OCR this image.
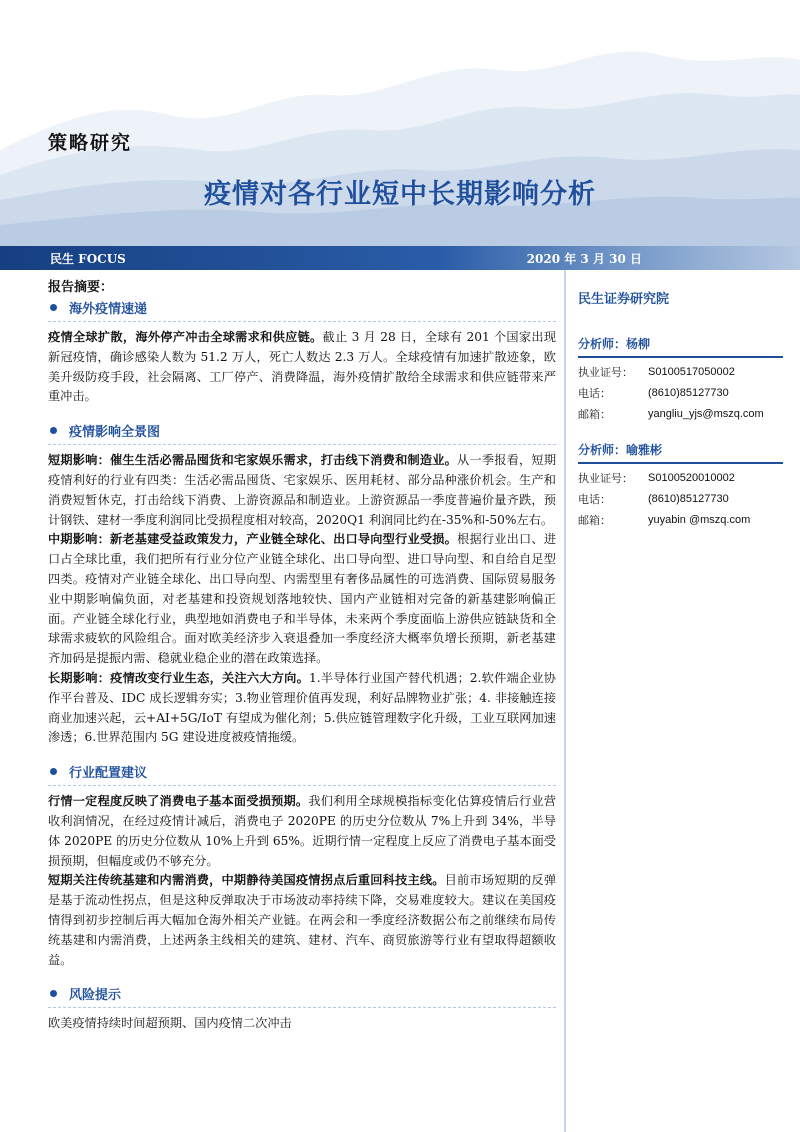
策略研究
疫情对各行业短中长期影响分析
民生 FOCUS	2020 年 3 月 30 日
报告摘要：
海外疫情速递

疫情全球扩散，海外停产冲击全球需求和供应链。截止 3 月 28 日，全球有 201 个国家出现新冠疫情，确诊感染人数为 51.2 万人，死亡人数达 2.3 万人。全球疫情有加速扩散迹象，欧美升级防疫手段，社会隔离、工厂停产、消费降温，海外疫情扩散给全球需求和供应链带来严重冲击。

疫情影响全景图

短期影响：催生生活必需品囤货和宅家娱乐需求，打击线下消费和制造业。从一季报看，短期疫情利好的行业有四类：生活必需品囤货、宅家娱乐、医用耗材、部分品种涨价机会。生产和消费短暂休克，打击给线下消费、上游资源品和制造业。上游资源品一季度普遍价量齐跌，预计钢铁、建材一季度利润同比受损程度相对较高，2020Q1 利润同比约在-35%和-50%左右。

中期影响：新老基建受益政策发力，产业链全球化、出口导向型行业受损。根据行业出口、进口占全球比重，我们把所有行业分位产业链全球化、出口导向型、进口导向型、和自给自足型四类。疫情对产业链全球化、出口导向型、内需型里有奢侈品属性的可选消费、国际贸易服务业中期影响偏负面，对老基建和投资规划落地较快、国内产业链相对完备的新基建影响偏正面。产业链全球化行业，典型地如消费电子和半导体，未来两个季度面临上游供应链缺货和全球需求疲软的风险组合。面对欧美经济步入衰退叠加一季度经济大概率负增长预期，新老基建齐加码是提振内需、稳就业稳企业的潜在政策选择。

长期影响：疫情改变行业生态，关注六大方向。1.半导体行业国产替代机遇；2.软件端企业协作平台普及、IDC 成长逻辑夯实；3.物业管理价值再发现，利好品牌物业扩张；4. 非接触连接商业加速兴起，云+AI+5G/IoT 有望成为催化剂；5.供应链管理数字化升级，工业互联网加速渗透；6.世界范围内 5G 建设进度被疫情拖缓。

行业配置建议

行情一定程度反映了消费电子基本面受损预期。我们利用全球规模指标变化估算疫情后行业营收利润情况，在经过疫情计减后，消费电子 2020PE 的历史分位数从 7%上升到 34%，半导体 2020PE 的历史分位数从 10%上升到 65%。近期行情一定程度上反应了消费电子基本面受损预期，但幅度或仍不够充分。

短期关注传统基建和内需消费，中期静待美国疫情拐点后重回科技主线。目前市场短期的反弹是基于流动性拐点，但是这种反弹取决于市场波动率持续下降，交易难度较大。建议在美国疫情得到初步控制后再大幅加仓海外相关产业链。在两会和一季度经济数据公布之前继续布局传统基建和内需消费，上述两条主线相关的建筑、建材、汽车、商贸旅游等行业有望取得超额收益。

风险提示

欧美疫情持续时间超预期、国内疫情二次冲击

民生证券研究院
分析师：杨柳
执业证号：	S0100517050002
电话：	(8610)85127730
邮箱：	yangliu_yjs@mszq.com
分析师：喻雅彬
执业证号：	S0100520010002
电话：	(8610)85127730
邮箱：	yuyabin @mszq.com
